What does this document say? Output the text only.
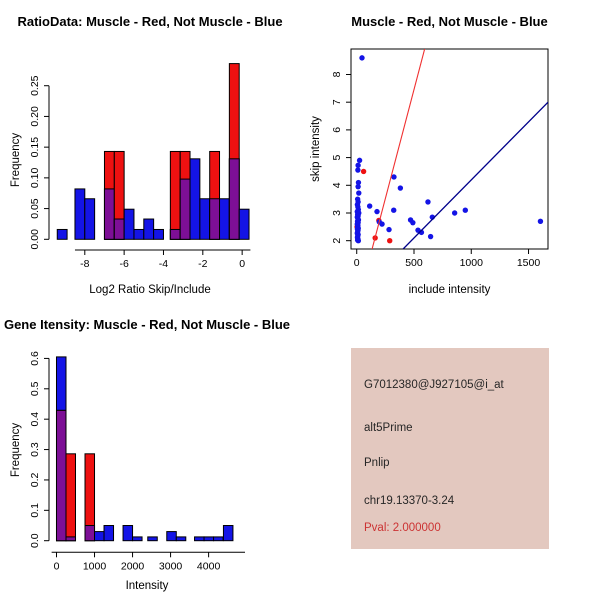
-8	-6	-4	-2	0
0.00
0.05
0.10
0.15
0.20
0.25
RatioData: Muscle - Red, Not Muscle - Blue
Log2 Ratio Skip/Include
Frequency
0	500	1000	1500
2
3
4
5
6
7
8
Muscle - Red, Not Muscle - Blue
include intensity
skip intensity
0 1000 2000 3000 4000
0.0
0.1
0.2
0.3
0.4
0.5
0.6
Gene Itensity: Muscle - Red, Not Muscle - Blue
Intensity
Frequency
G7012380@J927105@i_at
alt5Prime
Pnlip
chr19.13370-3.24
Pval: 2.000000
